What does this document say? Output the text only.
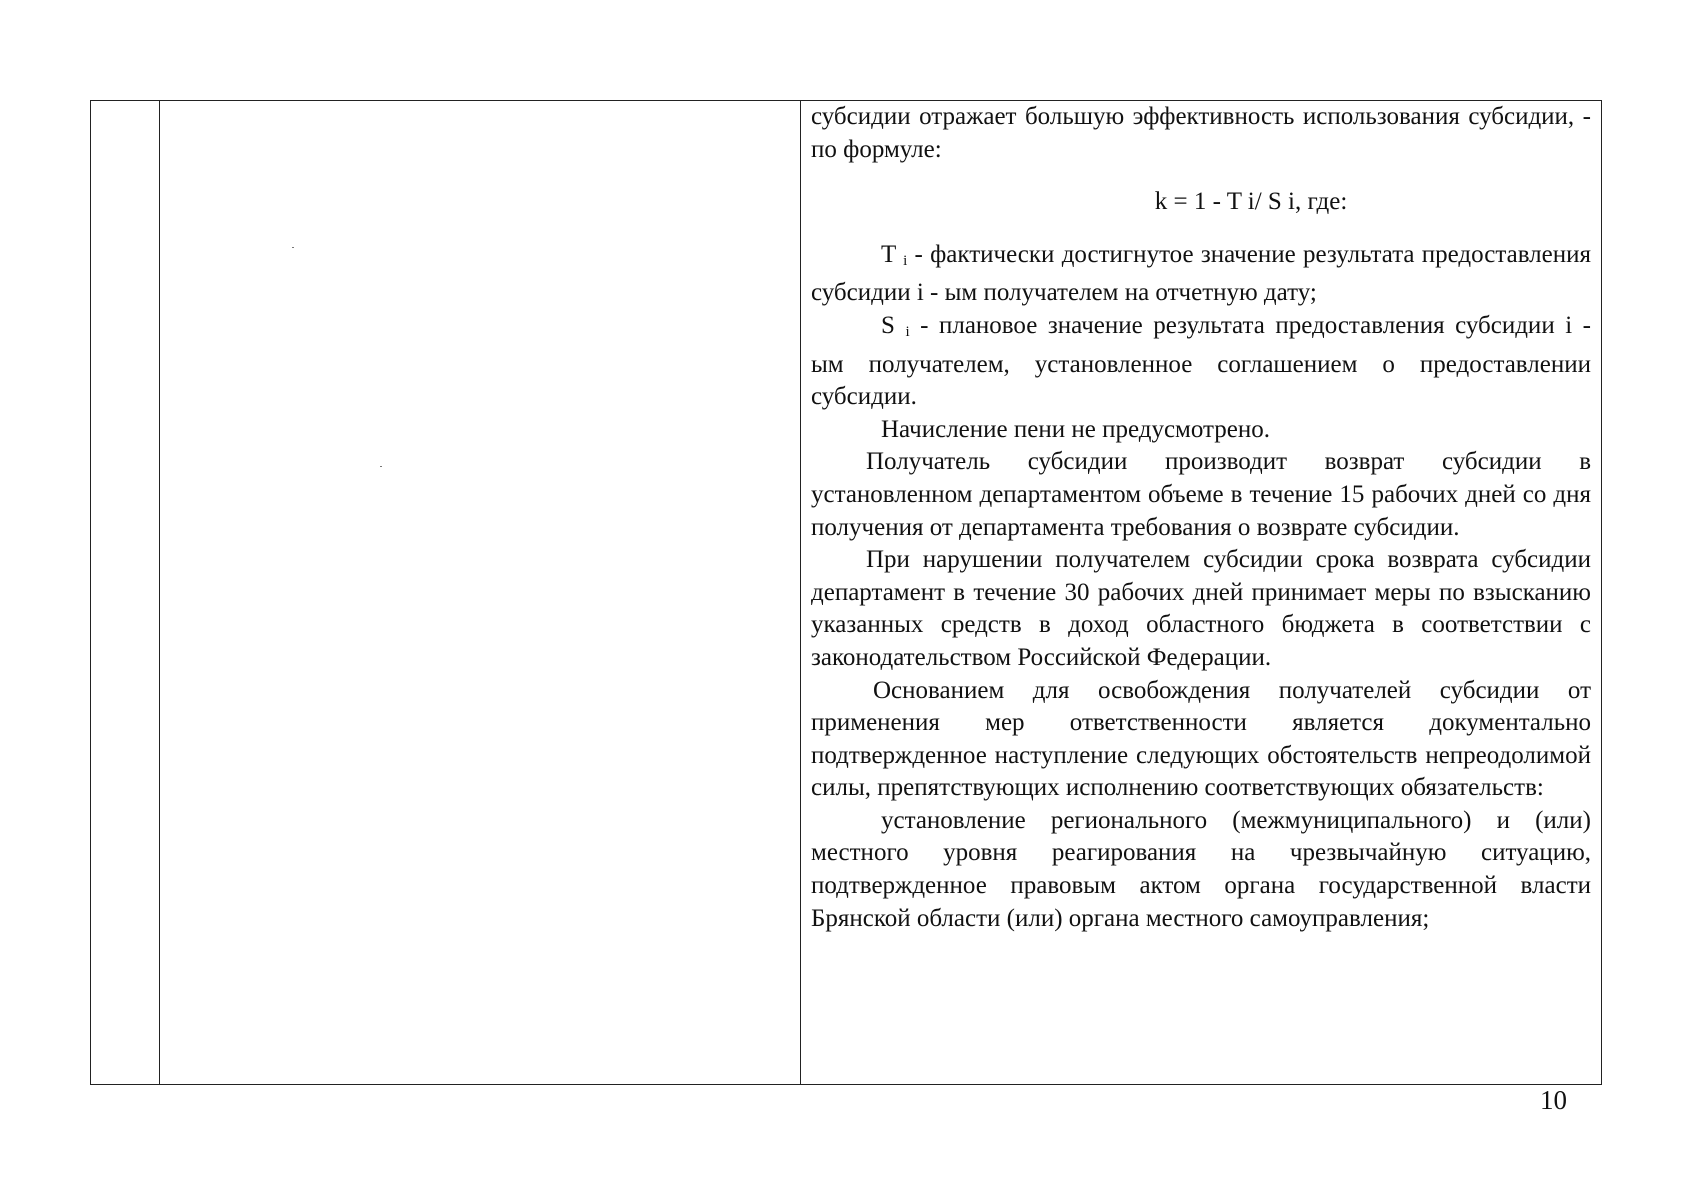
субсидии отражает большую эффективность использования субсидии, - по формуле:

k = 1 - T i/ S i, где:

T $_i$ - фактически достигнутое значение результата предоставления субсидии i - ым получателем на отчетную дату;

S $_i$ - плановое значение результата предоставления субсидии i - ым получателем, установленное соглашением о предоставлении субсидии.

Начисление пени не предусмотрено.

Получатель субсидии производит возврат субсидии в установленном департаментом объеме в течение 15 рабочих дней со дня получения от департамента требования о возврате субсидии.

При нарушении получателем субсидии срока возврата субсидии департамент в течение 30 рабочих дней принимает меры по взысканию указанных средств в доход областного бюджета в соответствии с законодательством Российской Федерации.

Основанием для освобождения получателей субсидии от применения мер ответственности является документально подтвержденное наступление следующих обстоятельств непреодолимой силы, препятствующих исполнению соответствующих обязательств:

установление регионального (межмуниципального) и (или) местного уровня реагирования на чрезвычайную ситуацию, подтвержденное правовым актом органа государственной власти Брянской области (или) органа местного самоуправления;

10
